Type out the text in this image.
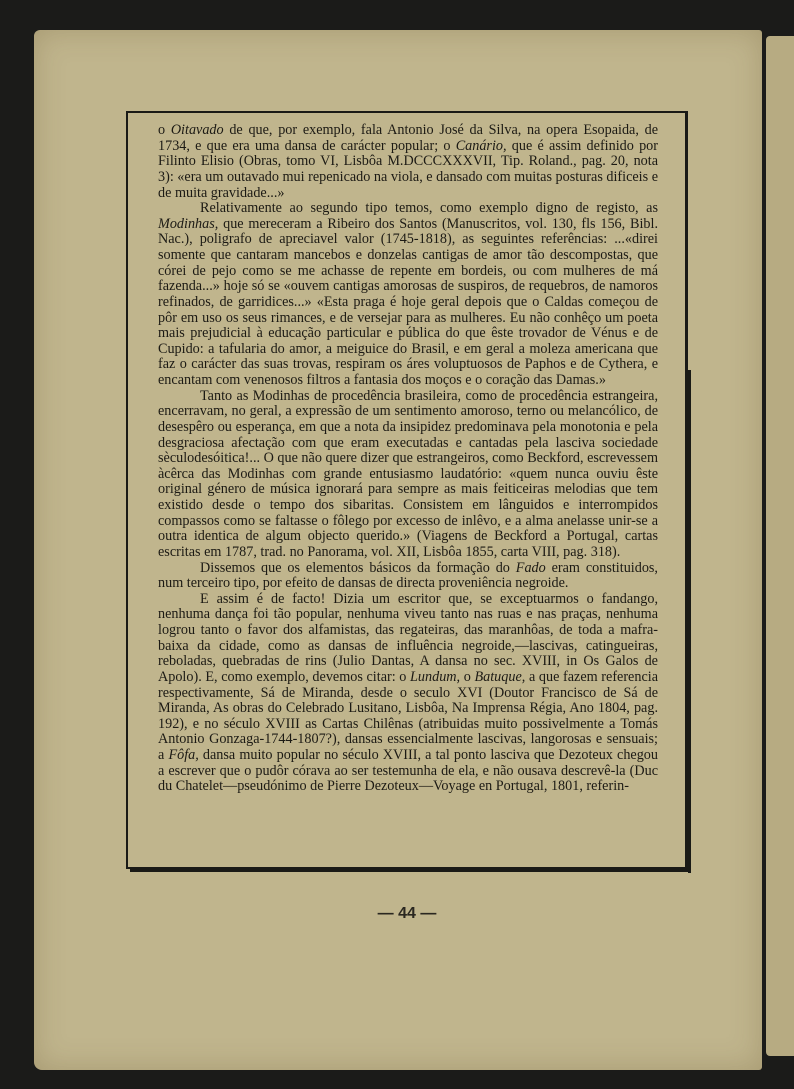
o Oitavado de que, por exemplo, fala Antonio José da Silva, na opera Esopaida, de 1734, e que era uma dansa de carácter popular; o Canário, que é assim definido por Filinto Elisio (Obras, tomo VI, Lisbôa M.DCCCXXXVII, Tip. Roland., pag. 20, nota 3): «era um outavado mui repenicado na viola, e dansado com muitas posturas dificeis e de muita gravidade...»

Relativamente ao segundo tipo temos, como exemplo digno de registo, as Modinhas, que mereceram a Ribeiro dos Santos (Manuscritos, vol. 130, fls 156, Bibl. Nac.), poligrafo de apreciavel valor (1745-1818), as seguintes referências: ...«direi somente que cantaram mancebos e donzelas cantigas de amor tão descompostas, que córei de pejo como se me achasse de repente em bordeis, ou com mulheres de má fazenda...» hoje só se «ouvem cantigas amorosas de suspiros, de requebros, de namoros refinados, de garridices...» «Esta praga é hoje geral depois que o Caldas começou de pôr em uso os seus rimances, e de versejar para as mulheres. Eu não conhêço um poeta mais prejudicial à educação particular e pública do que êste trovador de Vénus e de Cupido: a tafularia do amor, a meiguice do Brasil, e em geral a moleza americana que faz o carácter das suas trovas, respiram os áres voluptuosos de Paphos e de Cythera, e encantam com venenosos filtros a fantasia dos moços e o coração das Damas.»

Tanto as Modinhas de procedência brasileira, como de procedência estrangeira, encerravam, no geral, a expressão de um sentimento amoroso, terno ou melancólico, de desespêro ou esperança, em que a nota da insipidez predominava pela monotonia e pela desgraciosa afectação com que eram executadas e cantadas pela lasciva sociedade sèculodesóitica!... O que não quere dizer que estrangeiros, como Beckford, escrevessem àcêrca das Modinhas com grande entusiasmo laudatório: «quem nunca ouviu êste original género de música ignorará para sempre as mais feiticeiras melodias que tem existido desde o tempo dos sibaritas. Consistem em lânguidos e interrompidos compassos como se faltasse o fôlego por excesso de inlêvo, e a alma anelasse unir-se a outra identica de algum objecto querido.» (Viagens de Beckford a Portugal, cartas escritas em 1787, trad. no Panorama, vol. XII, Lisbôa 1855, carta VIII, pag. 318).

Dissemos que os elementos básicos da formação do Fado eram constituidos, num terceiro tipo, por efeito de dansas de directa proveniência negroide.

E assim é de facto! Dizia um escritor que, se exceptuarmos o fandango, nenhuma dança foi tão popular, nenhuma viveu tanto nas ruas e nas praças, nenhuma logrou tanto o favor dos alfamistas, das regateiras, das maranhôas, de toda a mafra-baixa da cidade, como as dansas de influência negroide,—lascivas, catingueiras, reboladas, quebradas de rins (Julio Dantas, A dansa no sec. XVIII, in Os Galos de Apolo). E, como exemplo, devemos citar: o Lundum, o Batuque, a que fazem referencia respectivamente, Sá de Miranda, desde o seculo XVI (Doutor Francisco de Sá de Miranda, As obras do Celebrado Lusitano, Lisbôa, Na Imprensa Régia, Ano 1804, pag. 192), e no século XVIII as Cartas Chilênas (atribuidas muito possivelmente a Tomás Antonio Gonzaga-1744-1807?), dansas essencialmente lascivas, langorosas e sensuais; a Fôfa, dansa muito popular no século XVIII, a tal ponto lasciva que Dezoteux chegou a escrever que o pudôr córava ao ser testemunha de ela, e não ousava descrevê-la (Duc du Chatelet—pseudónimo de Pierre Dezoteux—Voyage en Portugal, 1801, referin-

— 44 —
